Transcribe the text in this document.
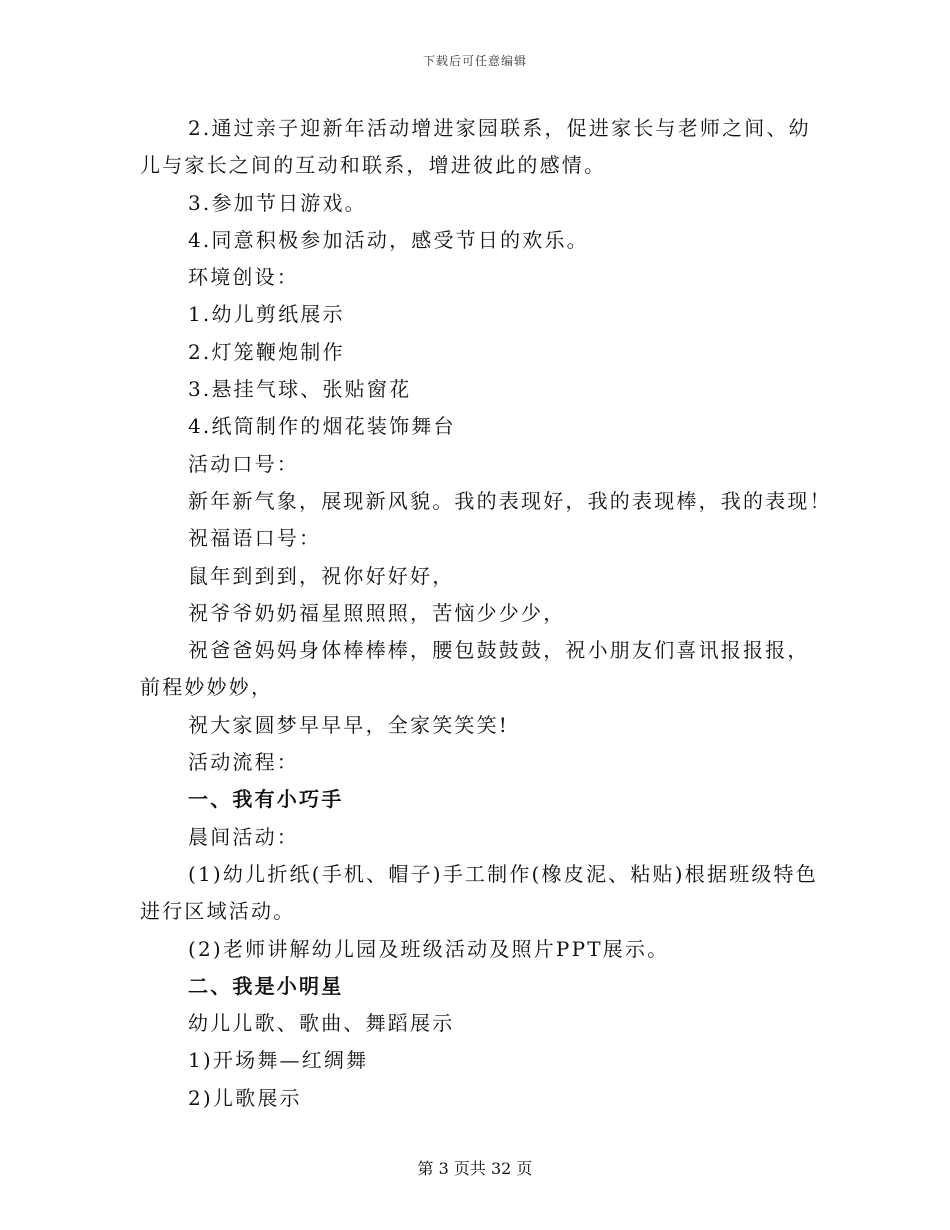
下载后可任意编辑
2.通过亲子迎新年活动增进家园联系，促进家长与老师之间、幼
儿与家长之间的互动和联系，增进彼此的感情。
3.参加节日游戏。
4.同意积极参加活动，感受节日的欢乐。
环境创设：
1.幼儿剪纸展示
2.灯笼鞭炮制作
3.悬挂气球、张贴窗花
4.纸筒制作的烟花装饰舞台
活动口号：
新年新气象，展现新风貌。我的表现好，我的表现棒，我的表现！
祝福语口号：
鼠年到到到，祝你好好好，
祝爷爷奶奶福星照照照，苦恼少少少，
祝爸爸妈妈身体棒棒棒，腰包鼓鼓鼓，祝小朋友们喜讯报报报，
前程妙妙妙，
祝大家圆梦早早早，全家笑笑笑!
活动流程：
一、我有小巧手
晨间活动：
(1)幼儿折纸(手机、帽子)手工制作(橡皮泥、粘贴)根据班级特色
进行区域活动。
(2)老师讲解幼儿园及班级活动及照片PPT展示。
二、我是小明星
幼儿儿歌、歌曲、舞蹈展示
1)开场舞—红绸舞
2)儿歌展示
第 3 页共 32 页
